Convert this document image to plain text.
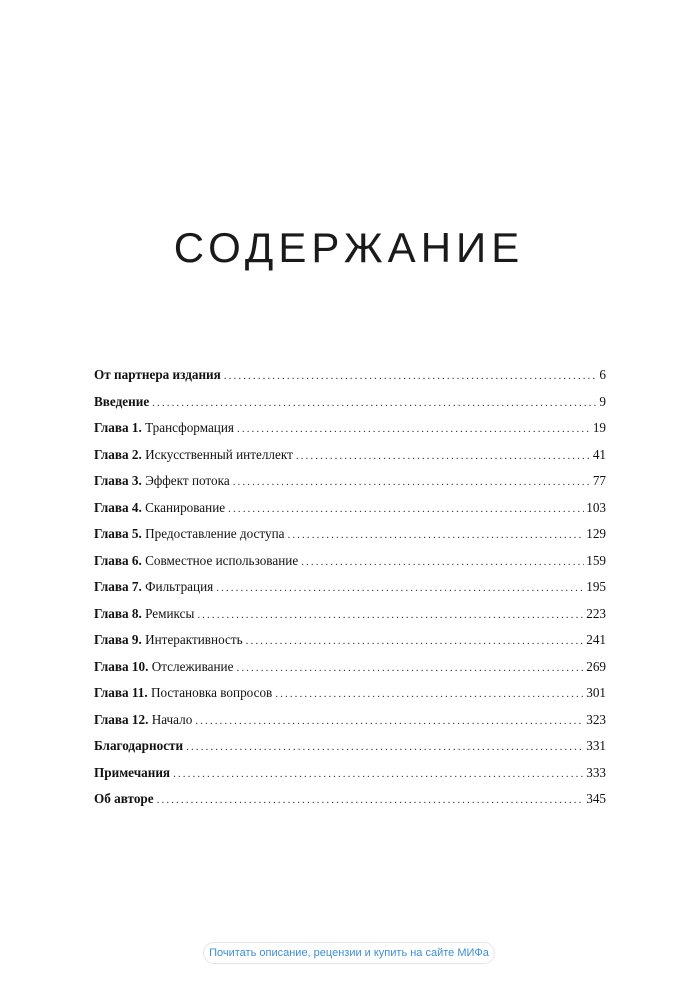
СОДЕРЖАНИЕ
От партнера издания .....	6
Введение .....	9
Глава 1. Трансформация .....	19
Глава 2. Искусственный интеллект .....	41
Глава 3. Эффект потока .....	77
Глава 4. Сканирование .....	103
Глава 5. Предоставление доступа .....	129
Глава 6. Совместное использование .....	159
Глава 7. Фильтрация .....	195
Глава 8. Ремиксы .....	223
Глава 9. Интерактивность .....	241
Глава 10. Отслеживание .....	269
Глава 11. Постановка вопросов .....	301
Глава 12. Начало .....	323
Благодарности .....	331
Примечания .....	333
Об авторе .....	345
Почитать описание, рецензии и купить на сайте МИФа
